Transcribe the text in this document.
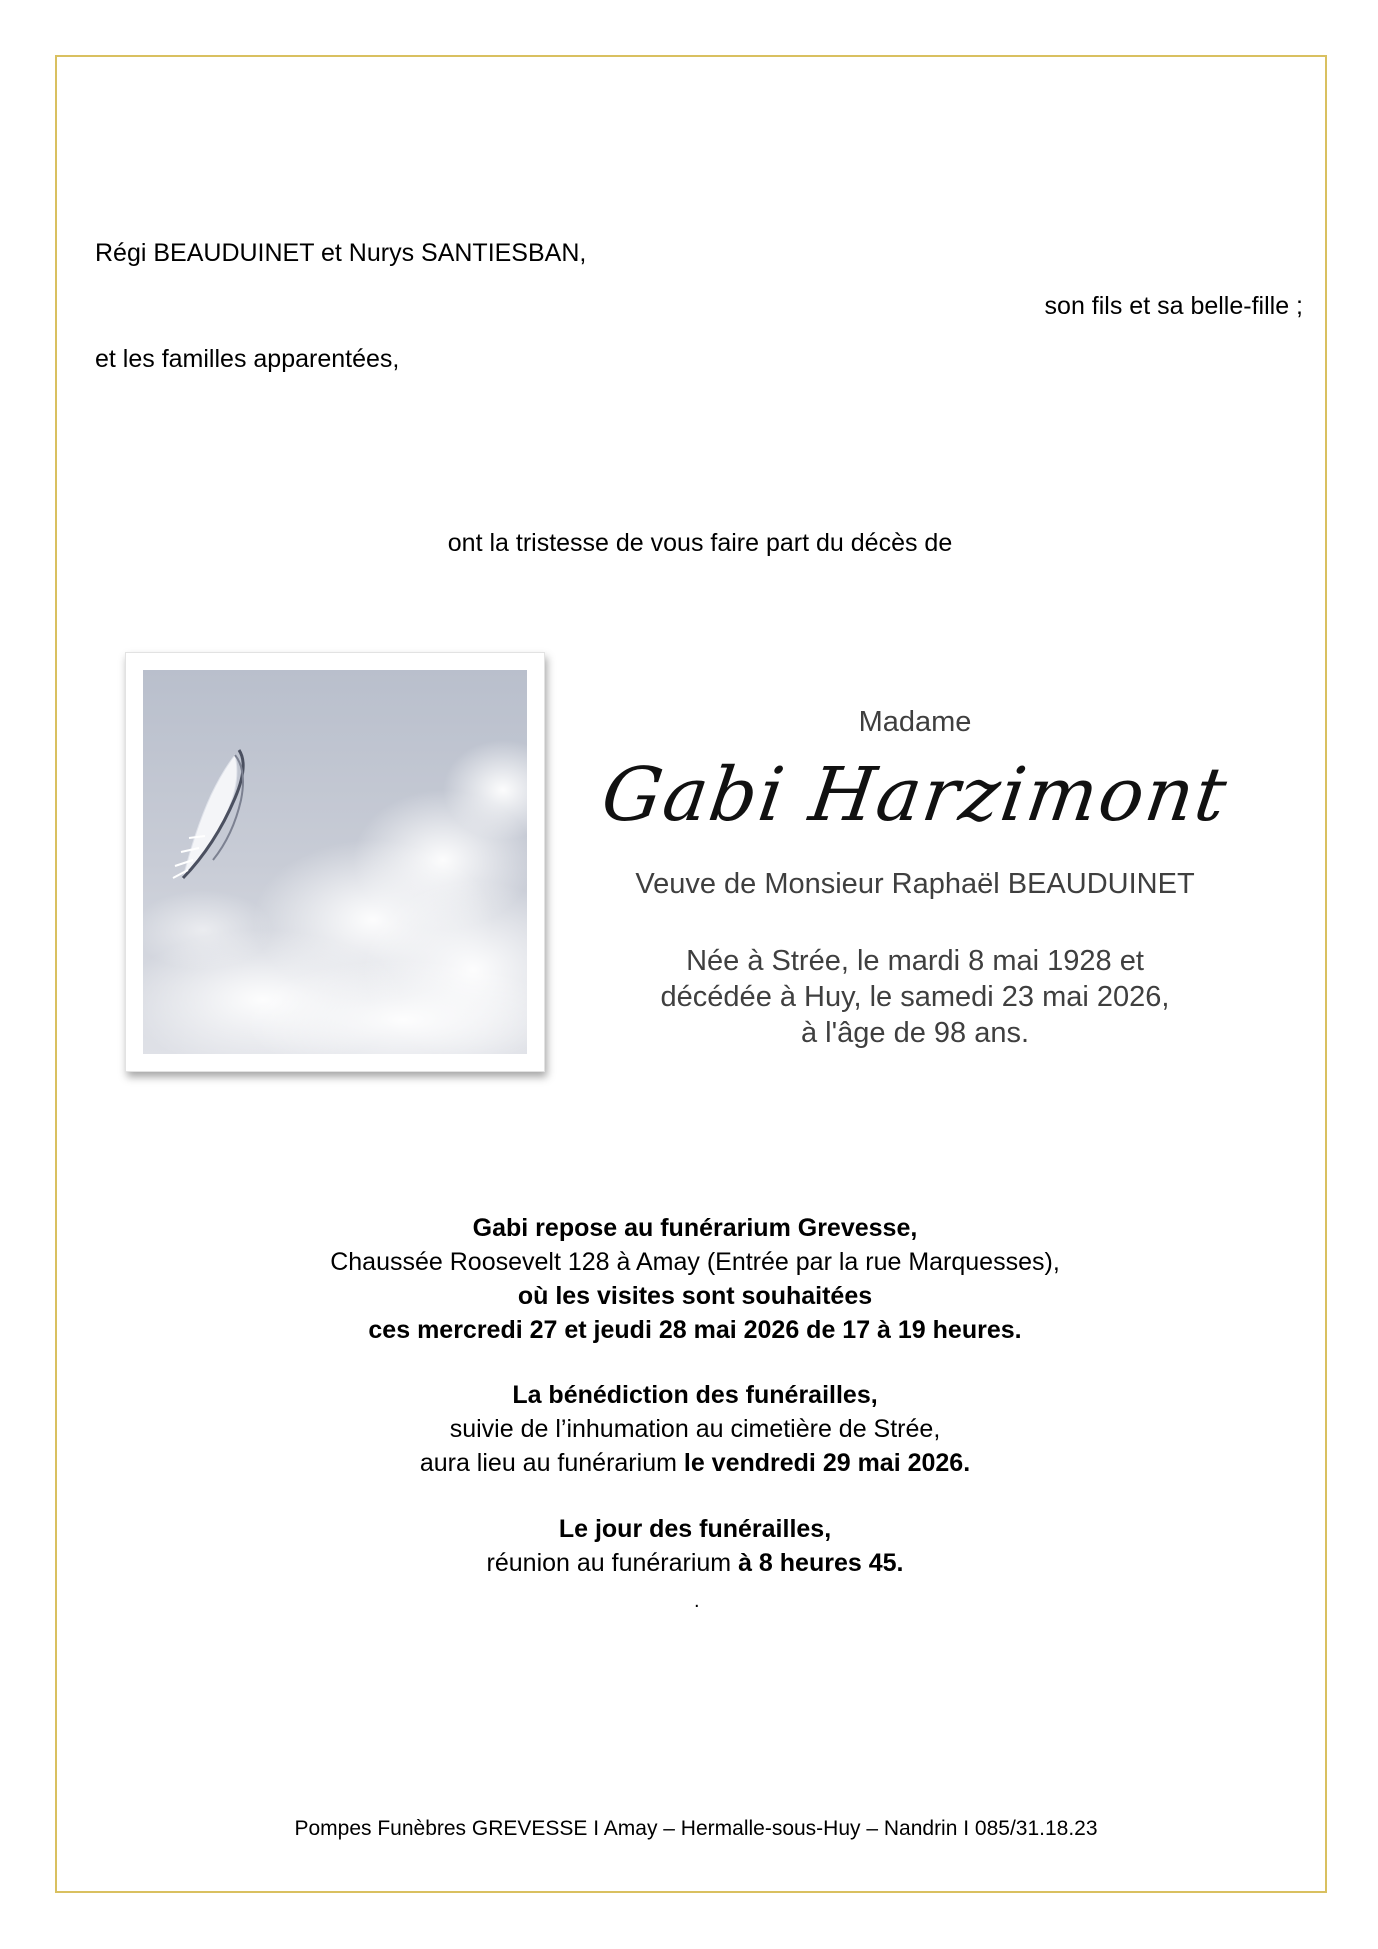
Régi BEAUDUINET et Nurys SANTIESBAN,
son fils et sa belle-fille ;
et les familles apparentées,
ont la tristesse de vous faire part du décès de
Madame
Gabi Harzimont
Veuve de Monsieur Raphaël BEAUDUINET
Née à Strée, le mardi 8 mai 1928 et
décédée à Huy, le samedi 23 mai 2026,
à l'âge de 98 ans.
Gabi repose au funérarium Grevesse,
Chaussée Roosevelt 128 à Amay (Entrée par la rue Marquesses),
où les visites sont souhaitées
ces mercredi 27 et jeudi 28 mai 2026 de 17 à 19 heures.
La bénédiction des funérailles,
suivie de l’inhumation au cimetière de Strée,
aura lieu au funérarium le vendredi 29 mai 2026.
Le jour des funérailles,
réunion au funérarium à 8 heures 45.
.
Pompes Funèbres GREVESSE I Amay – Hermalle-sous-Huy – Nandrin I 085/31.18.23
